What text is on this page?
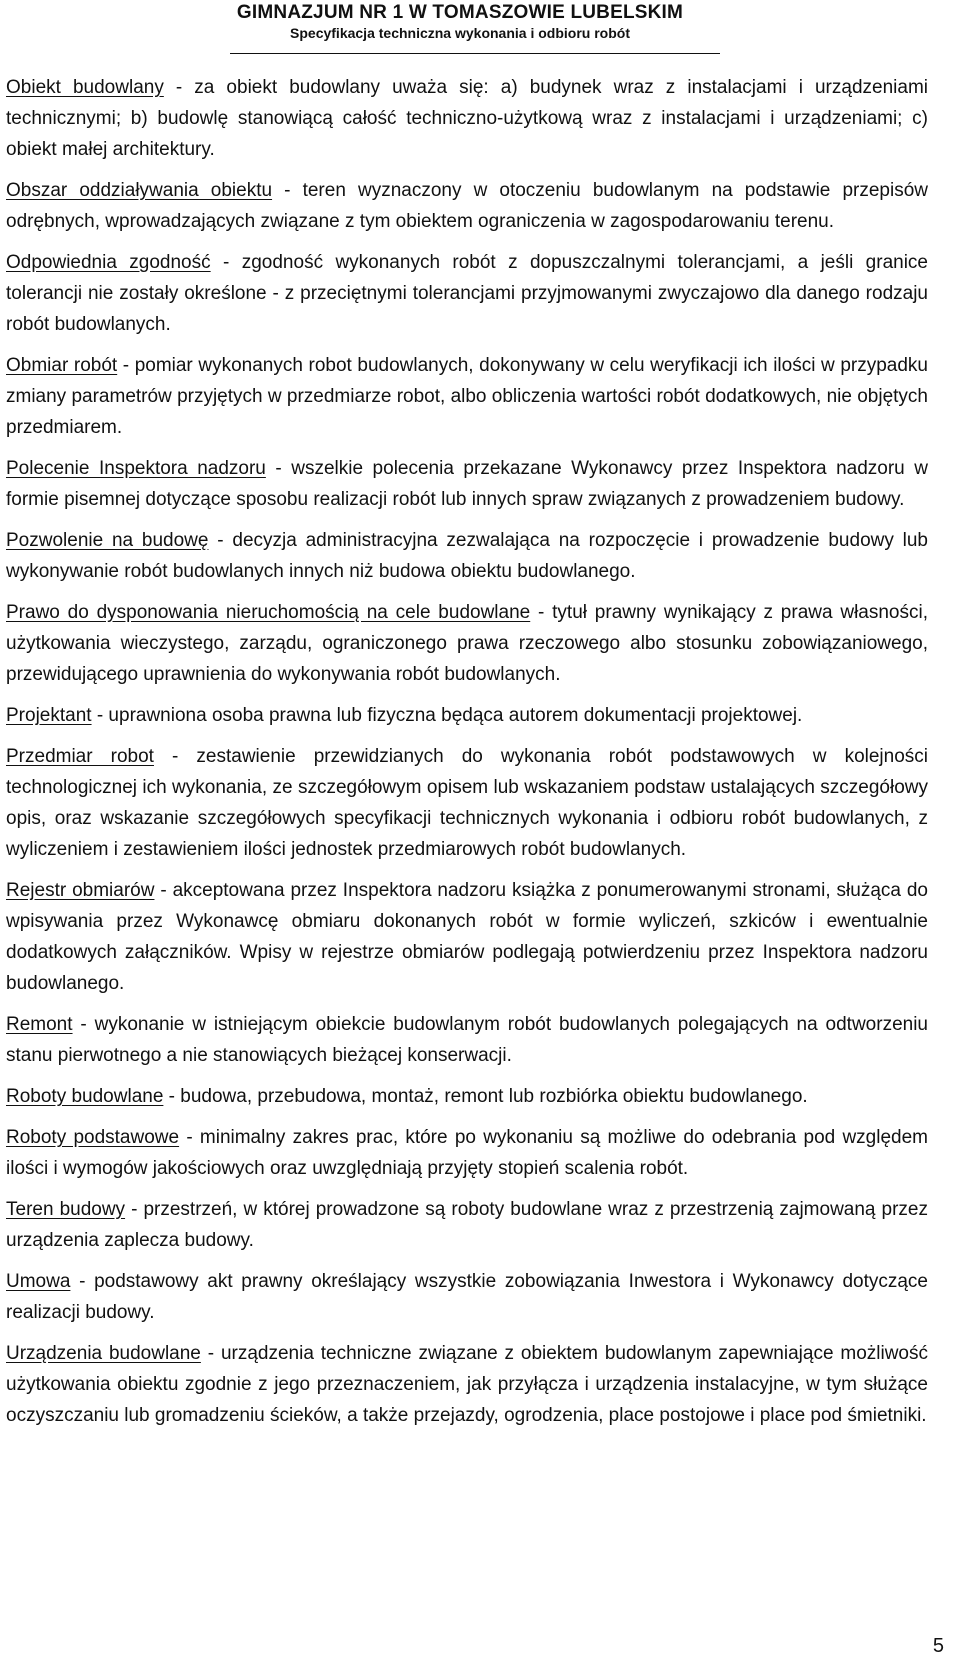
GIMNAZJUM NR 1 W TOMASZOWIE LUBELSKIM
Specyfikacja techniczna wykonania i odbioru robót

Obiekt budowlany - za obiekt budowlany uważa się: a) budynek wraz z instalacjami i urządzeniami technicznymi; b) budowlę stanowiącą całość techniczno-użytkową wraz z instalacjami i urządzeniami; c) obiekt małej architektury.

Obszar oddziaływania obiektu - teren wyznaczony w otoczeniu budowlanym na podstawie przepisów odrębnych, wprowadzających związane z tym obiektem ograniczenia w zagospodarowaniu terenu.

Odpowiednia zgodność - zgodność wykonanych robót z dopuszczalnymi tolerancjami, a jeśli granice tolerancji nie zostały określone - z przeciętnymi tolerancjami przyjmowanymi zwyczajowo dla danego rodzaju robót budowlanych.

Obmiar robót - pomiar wykonanych robot budowlanych, dokonywany w celu weryfikacji ich ilości w przypadku zmiany parametrów przyjętych w przedmiarze robot, albo obliczenia wartości robót dodatkowych, nie objętych przedmiarem.

Polecenie Inspektora nadzoru - wszelkie polecenia przekazane Wykonawcy przez Inspektora nadzoru w formie pisemnej dotyczące sposobu realizacji robót lub innych spraw związanych z prowadzeniem budowy.

Pozwolenie na budowę - decyzja administracyjna zezwalająca na rozpoczęcie i prowadzenie budowy lub wykonywanie robót budowlanych innych niż budowa obiektu budowlanego.

Prawo do dysponowania nieruchomością na cele budowlane - tytuł prawny wynikający z prawa własności, użytkowania wieczystego, zarządu, ograniczonego prawa rzeczowego albo stosunku zobowiązaniowego, przewidującego uprawnienia do wykonywania robót budowlanych.

Projektant - uprawniona osoba prawna lub fizyczna będąca autorem dokumentacji projektowej.

Przedmiar robot - zestawienie przewidzianych do wykonania robót podstawowych w kolejności technologicznej ich wykonania, ze szczegółowym opisem lub wskazaniem podstaw ustalających szczegółowy opis, oraz wskazanie szczegółowych specyfikacji technicznych wykonania i odbioru robót budowlanych, z wyliczeniem i zestawieniem ilości jednostek przedmiarowych robót budowlanych.

Rejestr obmiarów - akceptowana przez Inspektora nadzoru książka z ponumerowanymi stronami, służąca do wpisywania przez Wykonawcę obmiaru dokonanych robót w formie wyliczeń, szkiców i ewentualnie dodatkowych załączników. Wpisy w rejestrze obmiarów podlegają potwierdzeniu przez Inspektora nadzoru budowlanego.

Remont - wykonanie w istniejącym obiekcie budowlanym robót budowlanych polegających na odtworzeniu stanu pierwotnego a nie stanowiących bieżącej konserwacji.

Roboty budowlane - budowa, przebudowa, montaż, remont lub rozbiórka obiektu budowlanego.

Roboty podstawowe - minimalny zakres prac, które po wykonaniu są możliwe do odebrania pod względem ilości i wymogów jakościowych oraz uwzględniają przyjęty stopień scalenia robót.

Teren budowy - przestrzeń, w której prowadzone są roboty budowlane wraz z przestrzenią zajmowaną przez urządzenia zaplecza budowy.

Umowa - podstawowy akt prawny określający wszystkie zobowiązania Inwestora i Wykonawcy dotyczące realizacji budowy.

Urządzenia budowlane - urządzenia techniczne związane z obiektem budowlanym zapewniające możliwość użytkowania obiektu zgodnie z jego przeznaczeniem, jak przyłącza i urządzenia instalacyjne, w tym służące oczyszczaniu lub gromadzeniu ścieków, a także przejazdy, ogrodzenia, place postojowe i place pod śmietniki.

5
